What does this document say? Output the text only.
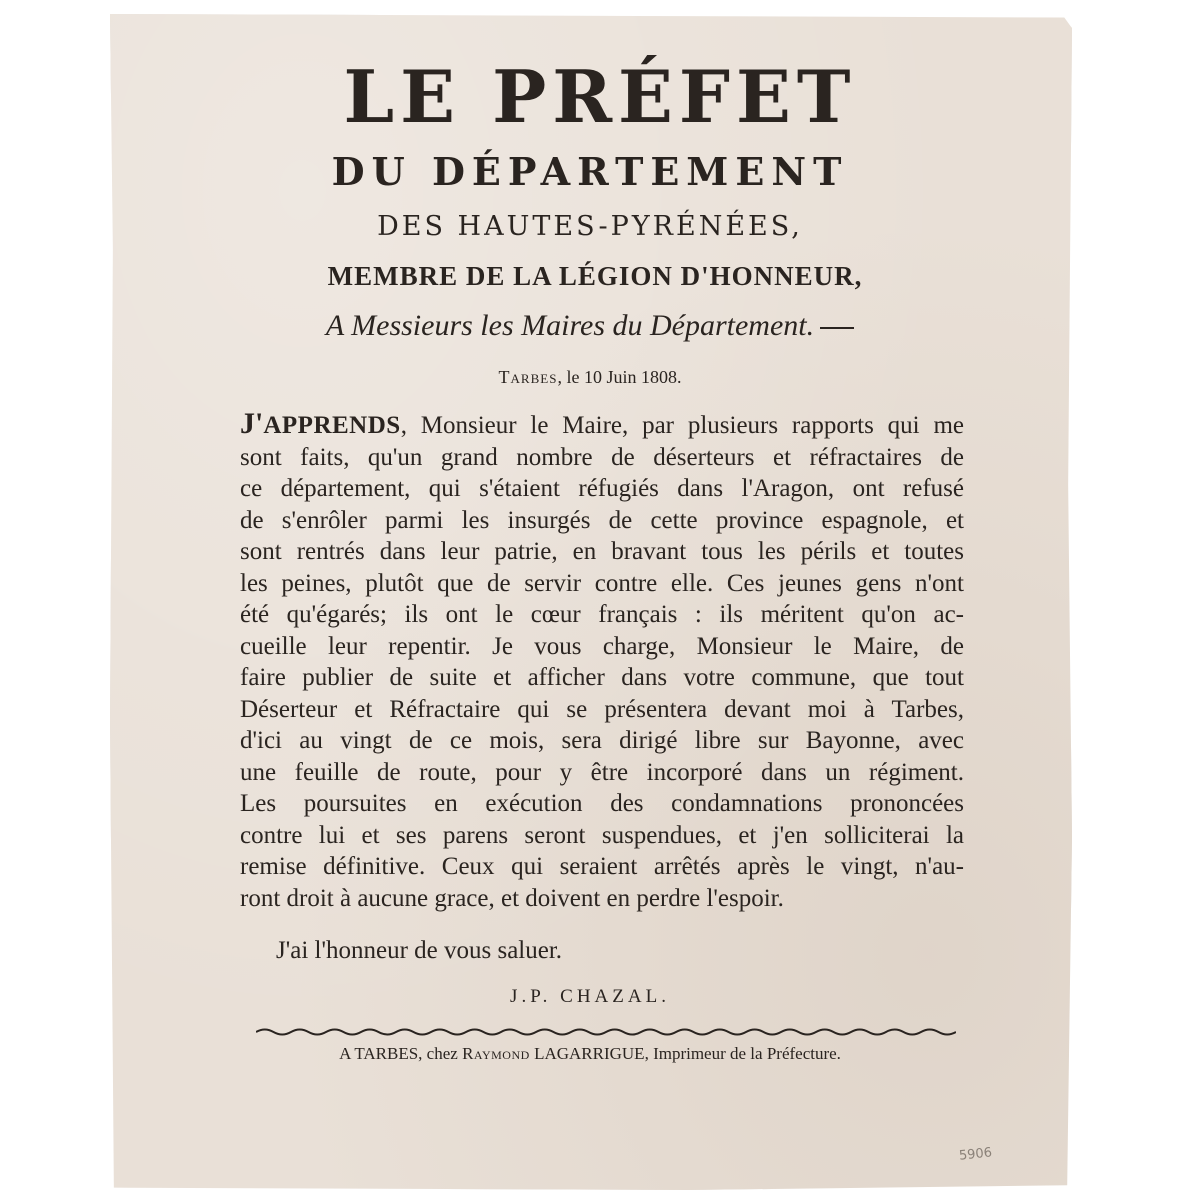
LE PRÉFET
DU DÉPARTEMENT
DES HAUTES-PYRÉNÉES,
MEMBRE DE LA LÉGION D'HONNEUR,
A Messieurs les Maires du Département.
Tarbes, le 10 Juin 1808.
J'APPRENDS, Monsieur le Maire, par plusieurs rapports qui me
sont faits, qu'un grand nombre de déserteurs et réfractaires de
ce département, qui s'étaient réfugiés dans l'Aragon, ont refusé
de s'enrôler parmi les insurgés de cette province espagnole, et
sont rentrés dans leur patrie, en bravant tous les périls et toutes
les peines, plutôt que de servir contre elle. Ces jeunes gens n'ont
été qu'égarés; ils ont le cœur français : ils méritent qu'on ac-
cueille leur repentir. Je vous charge, Monsieur le Maire, de
faire publier de suite et afficher dans votre commune, que tout
Déserteur et Réfractaire qui se présentera devant moi à Tarbes,
d'ici au vingt de ce mois, sera dirigé libre sur Bayonne, avec
une feuille de route, pour y être incorporé dans un régiment.
Les poursuites en exécution des condamnations prononcées
contre lui et ses parens seront suspendues, et j'en solliciterai la
remise définitive. Ceux qui seraient arrêtés après le vingt, n'au-
ront droit à aucune grace, et doivent en perdre l'espoir.
J'ai l'honneur de vous saluer.
J.P. CHAZAL.
A TARBES, chez Raymond LAGARRIGUE, Imprimeur de la Préfecture.
5906
